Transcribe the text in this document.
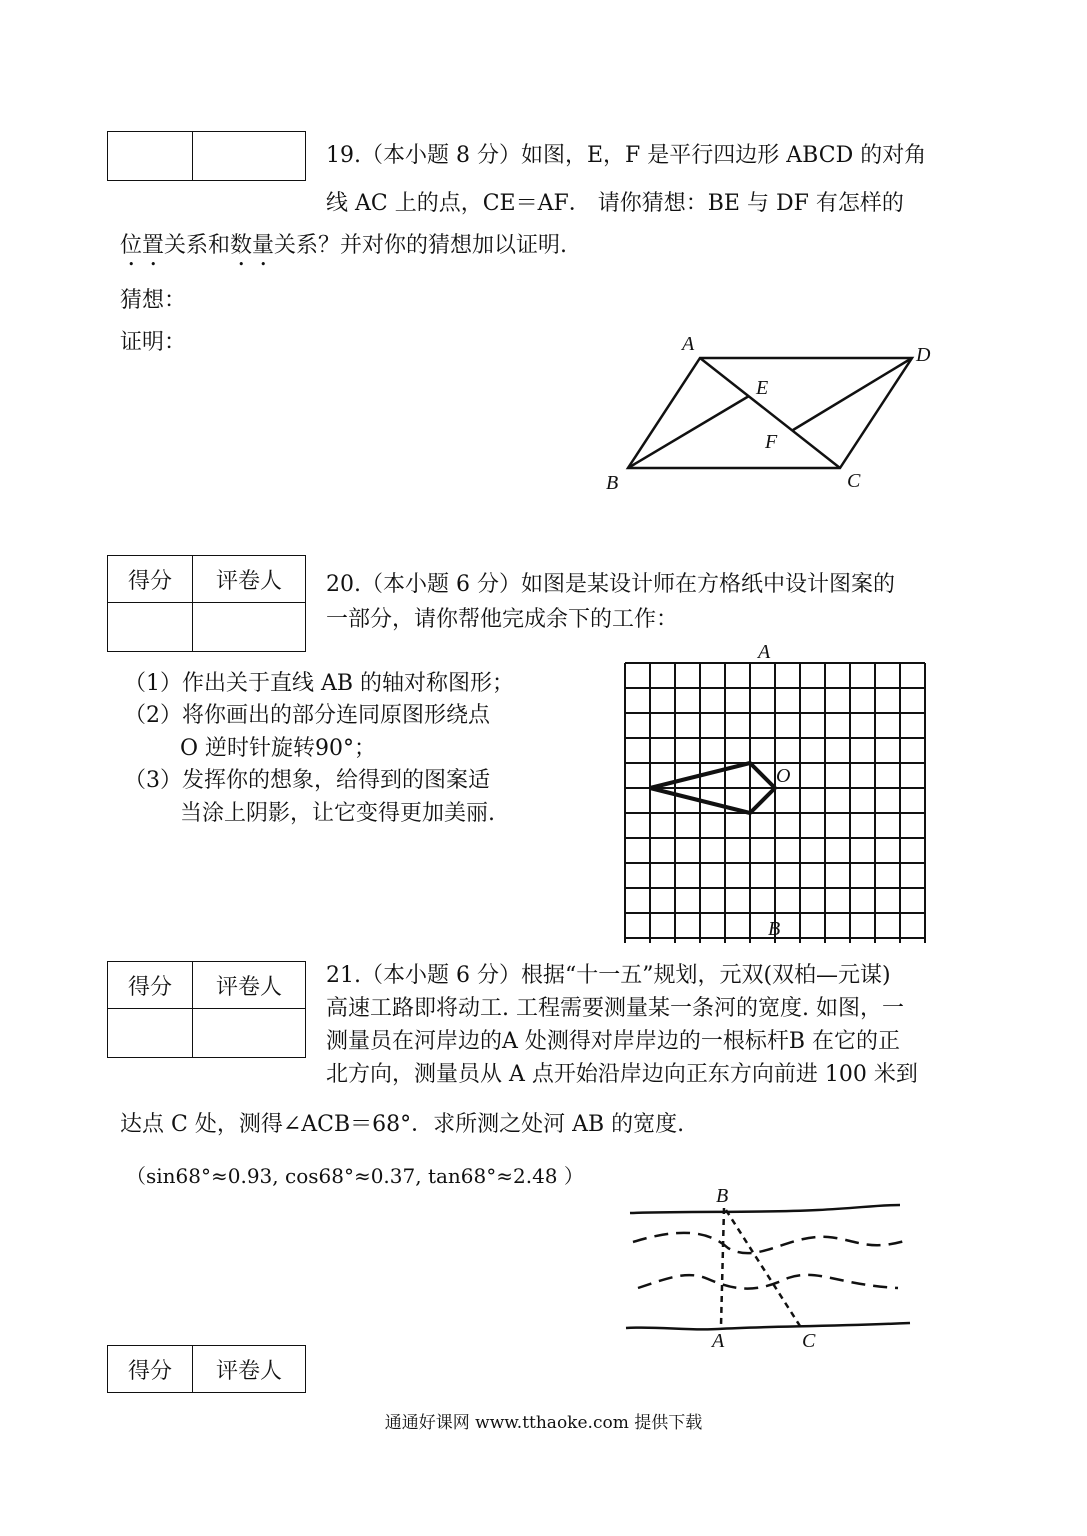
19.（本小题 8 分）如图，E，F 是平行四边形 ABCD 的对角
线 AC 上的点，CE＝AF． 请你猜想：BE 与 DF 有怎样的
位置关系和数量关系？并对你的猜想加以证明.
猜想：
证明：	A	D
E
F
B	C
得分	评卷人
	20.（本小题 6 分）如图是某设计师在方格纸中设计图案的
一部分，请你帮他完成余下的工作：
（1）作出关于直线 AB 的轴对称图形；
（2）将你画出的部分连同原图形绕点
O 逆时针旋转90°；
（3）发挥你的想象，给得到的图案适
当涂上阴影，让它变得更加美丽.
A
B
O
得分	评卷人
	21.（本小题 6 分）根据“十一五”规划，元双(双柏—元谋)
高速工路即将动工. 工程需要测量某一条河的宽度. 如图，一
测量员在河岸边的A 处测得对岸岸边的一根标杆B 在它的正
北方向，测量员从 A 点开始沿岸边向正东方向前进 100 米到
达点 C 处，测得∠ACB＝68°．求所测之处河 AB 的宽度.
（sin68°≈0.93, cos68°≈0.37, tan68°≈2.48 ）
B
A	C
得分	评卷人
通通好课网 www.tthaoke.com 提供下载
